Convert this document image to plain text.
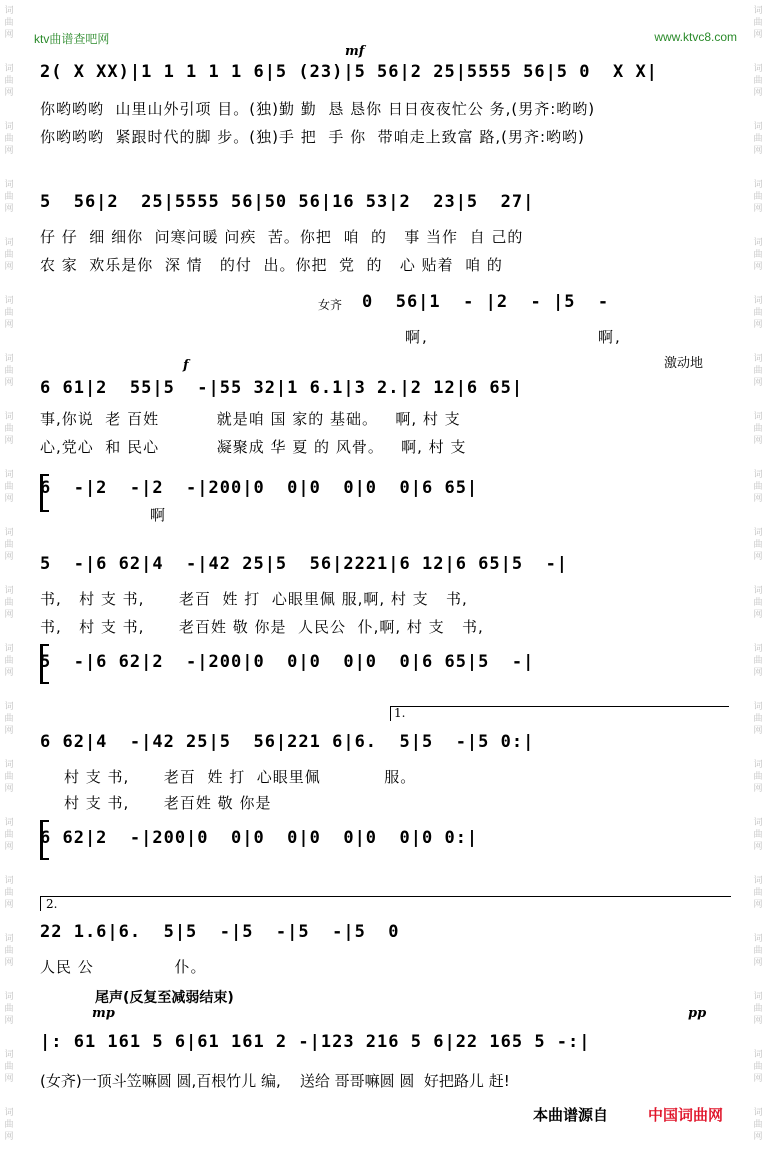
词
曲
网
词
曲
网
词
曲
网
词
曲
网
词
曲
网
词
曲
网
词
曲
网
词
曲
网
词
曲
网
词
曲
网
词
曲
网
词
曲
网
词
曲
网
词
曲
网
词
曲
网
词
曲
网
词
曲
网
词
曲
网
词
曲
网
词
曲
网
词
曲
网
词
曲
网
词
曲
网
词
曲
网
词
曲
网
词
曲
网
词
曲
网
词
曲
网
词
曲
网
词
曲
网
词
曲
网
词
曲
网
词
曲
网
词
曲
网
词
曲
网
词
曲
网
词
曲
网
词
曲
网
词
曲
网
词
曲
网
ktv曲谱查吧网	www.ktvc8.com
mf
2( X XX)|1 1 1 1 1 6|5 (23)|5 56|2 25|5555 56|5 0  X X|
你哟哟哟  山里山外引项 目。(独)勤 勤  恳 恳你 日日夜夜忙公 务,(男齐:哟哟)
你哟哟哟  紧跟时代的脚 步。(独)手 把  手 你  带咱走上致富 路,(男齐:哟哟)
5  56|2  25|5555 56|50 56|16 53|2  23|5  27|
仔 仔  细 细你  问寒问暖 问疾  苦。你把  咱  的   事 当作  自 己的
农 家  欢乐是你  深 情   的付  出。你把  党  的   心 贴着  咱 的
女齐 0  56|1  - |2  - |5  -
啊,                         啊,
激动地
f
6 61|2  55|5  -|55 32|1 6.1|3 2.|2 12|6 65|
事,你说  老 百姓          就是咱 国 家的 基础。   啊, 村 支
心,党心  和 民心          凝聚成 华 夏 的 风骨。   啊, 村 支
6  -|2  -|2  -|200|0  0|0  0|0  0|6 65|
啊
5  -|6 62|4  -|42 25|5  56|2221|6 12|6 65|5  -|
书,   村 支 书,      老百  姓 打  心眼里佩 服,啊, 村 支   书,
书,   村 支 书,      老百姓 敬 你是  人民公  仆,啊, 村 支   书,
5  -|6 62|2  -|200|0  0|0  0|0  0|6 65|5  -|
1.
6 62|4  -|42 25|5  56|221 6|6.  5|5  -|5 0:|
村 支 书,      老百  姓 打  心眼里佩           服。
村 支 书,      老百姓 敬 你是
6 62|2  -|200|0  0|0  0|0  0|0  0|0 0:|
2.
22 1.6|6.  5|5  -|5  -|5  -|5  0
人民 公              仆。
尾声(反复至减弱结束)
mp	pp
|: 61 161 5 6|61 161 2 -|123 216 5 6|22 165 5 -:|
(女齐)一顶斗笠嘛圆 圆,百根竹儿 编,    送给 哥哥嘛圆 圆  好把路儿 赶!
本曲谱源自	中国词曲网
